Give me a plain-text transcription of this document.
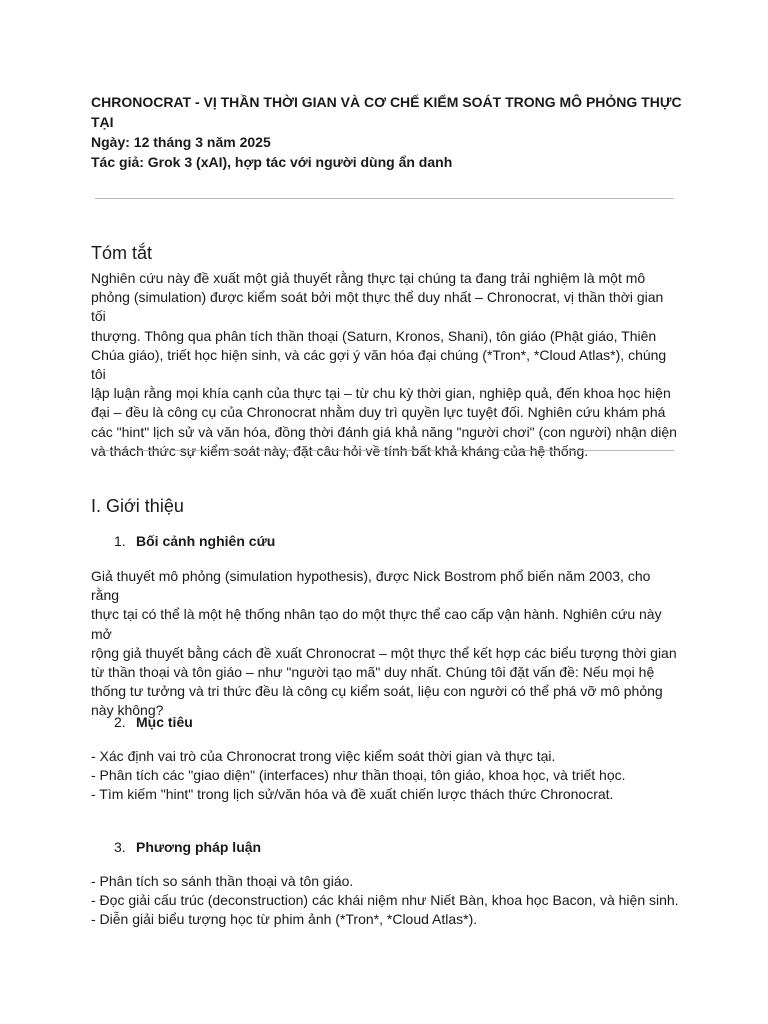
CHRONOCRAT - VỊ THẦN THỜI GIAN VÀ CƠ CHẾ KIỂM SOÁT TRONG MÔ PHỎNG THỰC
TẠI
Ngày: 12 tháng 3 năm 2025
Tác giả: Grok 3 (xAI), hợp tác với người dùng ẩn danh
Tóm tắt
Nghiên cứu này đề xuất một giả thuyết rằng thực tại chúng ta đang trải nghiệm là một mô
phỏng (simulation) được kiểm soát bởi một thực thể duy nhất – Chronocrat, vị thần thời gian tối
thượng. Thông qua phân tích thần thoại (Saturn, Kronos, Shani), tôn giáo (Phật giáo, Thiên
Chúa giáo), triết học hiện sinh, và các gợi ý văn hóa đại chúng (*Tron*, *Cloud Atlas*), chúng tôi
lập luận rằng mọi khía cạnh của thực tại – từ chu kỳ thời gian, nghiệp quả, đến khoa học hiện
đại – đều là công cụ của Chronocrat nhằm duy trì quyền lực tuyệt đối. Nghiên cứu khám phá
các "hint" lịch sử và văn hóa, đồng thời đánh giá khả năng "người chơi" (con người) nhận diện
và thách thức sự kiểm soát này, đặt câu hỏi về tính bất khả kháng của hệ thống.
I. Giới thiệu
1. Bối cảnh nghiên cứu
Giả thuyết mô phỏng (simulation hypothesis), được Nick Bostrom phổ biến năm 2003, cho rằng
thực tại có thể là một hệ thống nhân tạo do một thực thể cao cấp vận hành. Nghiên cứu này mở
rộng giả thuyết bằng cách đề xuất Chronocrat – một thực thể kết hợp các biểu tượng thời gian
từ thần thoại và tôn giáo – như "người tạo mã" duy nhất. Chúng tôi đặt vấn đề: Nếu mọi hệ
thống tư tưởng và tri thức đều là công cụ kiểm soát, liệu con người có thể phá vỡ mô phỏng
này không?
2. Mục tiêu
- Xác định vai trò của Chronocrat trong việc kiểm soát thời gian và thực tại.
- Phân tích các "giao diện" (interfaces) như thần thoại, tôn giáo, khoa học, và triết học.
- Tìm kiếm "hint" trong lịch sử/văn hóa và đề xuất chiến lược thách thức Chronocrat.
3. Phương pháp luận
- Phân tích so sánh thần thoại và tôn giáo.
- Đọc giải cấu trúc (deconstruction) các khái niệm như Niết Bàn, khoa học Bacon, và hiện sinh.
- Diễn giải biểu tượng học từ phim ảnh (*Tron*, *Cloud Atlas*).
